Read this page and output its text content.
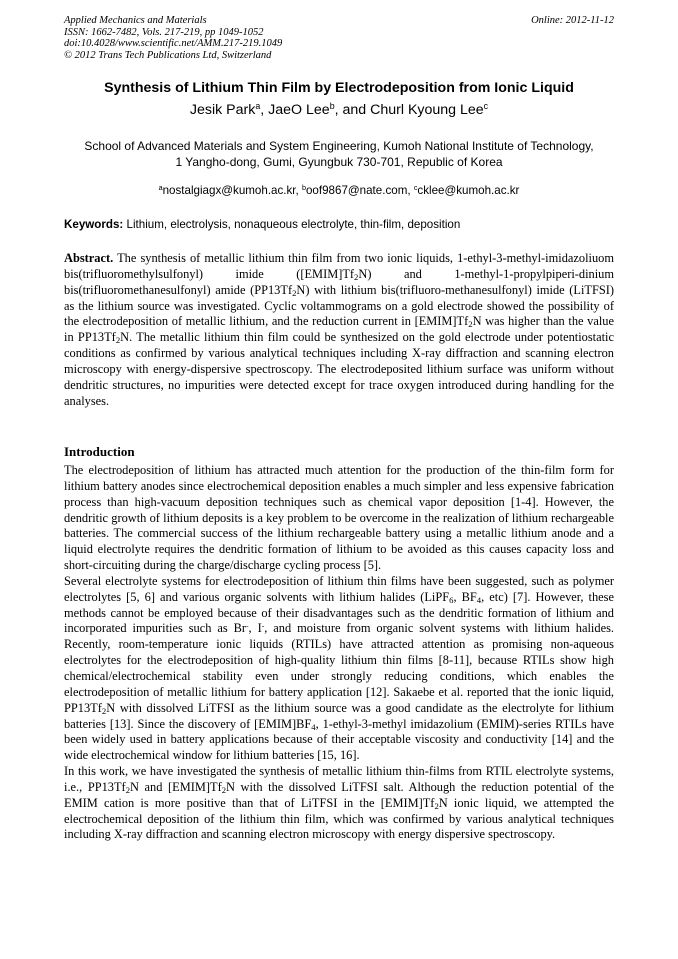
Applied Mechanics and Materials
ISSN: 1662-7482, Vols. 217-219, pp 1049-1052
doi:10.4028/www.scientific.net/AMM.217-219.1049
© 2012 Trans Tech Publications Ltd, Switzerland
Online: 2012-11-12
Synthesis of Lithium Thin Film by Electrodeposition from Ionic Liquid
Jesik Park$^a$, JaeO Lee$^b$, and Churl Kyoung Lee$^c$
School of Advanced Materials and System Engineering, Kumoh National Institute of Technology,
1 Yangho-dong, Gumi, Gyungbuk 730-701, Republic of Korea
$^a$nostalgiagx@kumoh.ac.kr, $^b$oof9867@nate.com, $^c$cklee@kumoh.ac.kr
Keywords: Lithium, electrolysis, nonaqueous electrolyte, thin-film, deposition
Abstract. The synthesis of metallic lithium thin film from two ionic liquids, 1-ethyl-3-methyl-imidazoliuom bis(trifluoromethylsulfonyl) imide $([EMIM]Tf_2N)$ and 1-methyl-1-propylpiperi-dinium bis(trifluoromethanesulfonyl) amide $(PP13Tf_2N)$ with lithium bis(trifluoro-methanesulfonyl) imide (LiTFSI) as the lithium source was investigated. Cyclic voltammograms on a gold electrode showed the possibility of the electrodeposition of metallic lithium, and the reduction current in $[EMIM]Tf_2N$ was higher than the value in $PP13Tf_2N$. The metallic lithium thin film could be synthesized on the gold electrode under potentiostatic conditions as confirmed by various analytical techniques including X-ray diffraction and scanning electron microscopy with energy-dispersive spectroscopy. The electrodeposited lithium surface was uniform without dendritic structures, no impurities were detected except for trace oxygen introduced during handling for the analyses.
Introduction

The electrodeposition of lithium has attracted much attention for the production of the thin-film form for lithium battery anodes since electrochemical deposition enables a much simpler and less expensive fabrication process than high-vacuum deposition techniques such as chemical vapor deposition [1-4]. However, the dendritic growth of lithium deposits is a key problem to be overcome in the realization of lithium rechargeable batteries. The commercial success of the lithium rechargeable battery using a metallic lithium anode and a liquid electrolyte requires the dendritic formation of lithium to be avoided as this causes capacity loss and short-circuiting during the charge/discharge cycling process [5].

Several electrolyte systems for electrodeposition of lithium thin films have been suggested, such as polymer electrolytes [5, 6] and various organic solvents with lithium halides (LiPF$_6$, $BF_4$, etc) [7]. However, these methods cannot be employed because of their disadvantages such as the dendritic formation of lithium and incorporated impurities such as Br-, I-, and moisture from organic solvent systems with lithium halides. Recently, room-temperature ionic liquids (RTILs) have attracted attention as promising non-aqueous electrolytes for the electrodeposition of high-quality lithium thin films [8-11], because RTILs show high chemical/electrochemical stability even under strongly reducing conditions, which enables the electrodeposition of metallic lithium for battery application [12]. Sakaebe et al. reported that the ionic liquid, $PP13Tf_2N$ with dissolved LiTFSI as the lithium source was a good candidate as the electrolyte for lithium batteries [13]. Since the discovery of $[EMIM]BF_4$, 1-ethyl-3-methyl imidazolium (EMIM)-series RTILs have been widely used in battery applications because of their acceptable viscosity and conductivity [14] and the wide electrochemical window for lithium batteries [15, 16].

In this work, we have investigated the synthesis of metallic lithium thin-films from RTIL electrolyte systems, i.e., $PP13Tf_2N$ and $[EMIM]Tf_2N$ with the dissolved LiTFSI salt. Although the reduction potential of the EMIM cation is more positive than that of LiTFSI in the $[EMIM]Tf_2N$ ionic liquid, we attempted the electrochemical deposition of the lithium thin film, which was confirmed by various analytical techniques including X-ray diffraction and scanning electron microscopy with energy dispersive spectroscopy.
